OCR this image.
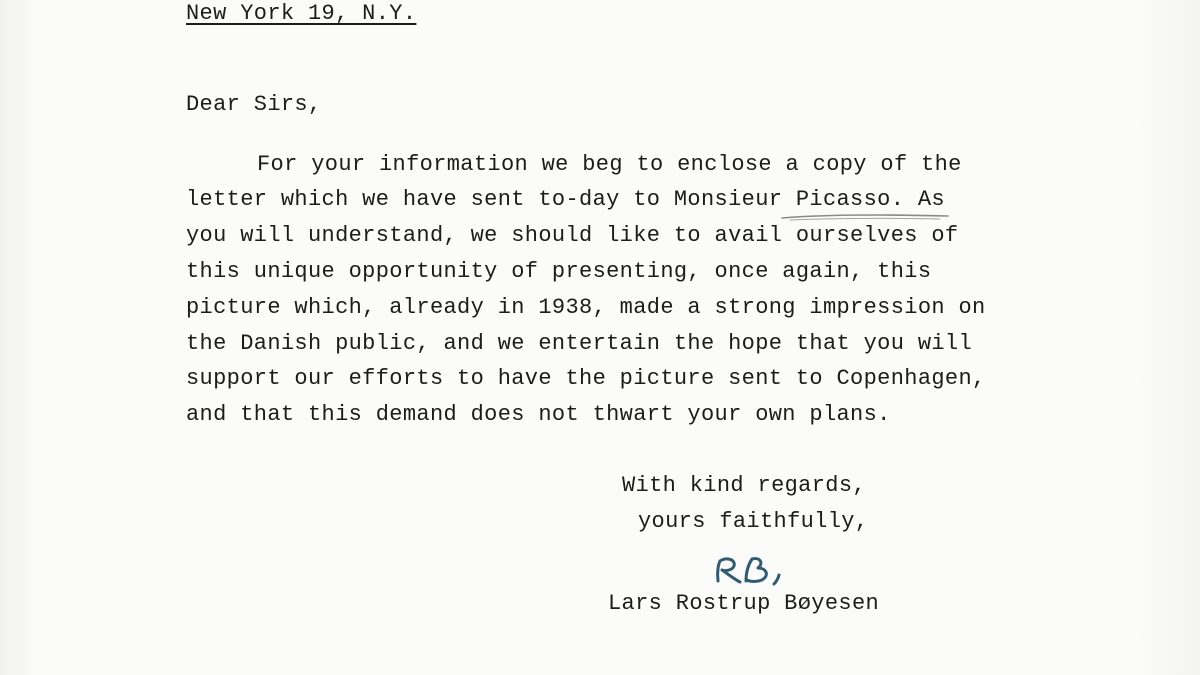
New York 19, N.Y.
Dear Sirs,
For your information we beg to enclose a copy of the
letter which we have sent to-day to Monsieur Picasso. As
you will understand, we should like to avail ourselves of
this unique opportunity of presenting, once again, this
picture which, already in 1938, made a strong impression on
the Danish public, and we entertain the hope that you will
support our efforts to have the picture sent to Copenhagen,
and that this demand does not thwart your own plans.
With kind regards,
yours faithfully,
Lars Rostrup Bøyesen
